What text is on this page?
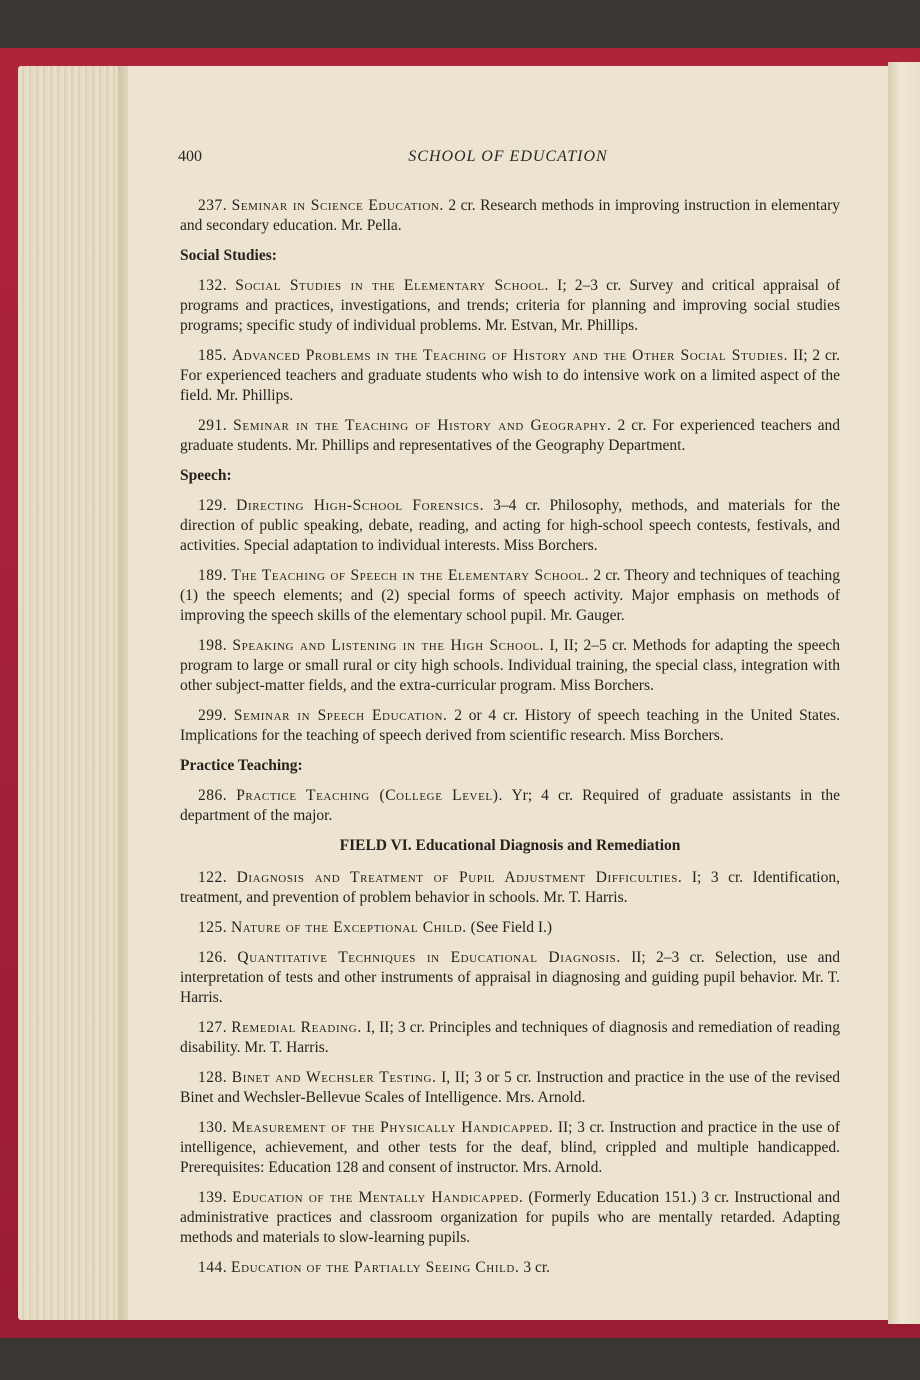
400	SCHOOL OF EDUCATION

237. Seminar in Science Education. 2 cr. Research methods in improving instruction in elementary and secondary education. Mr. Pella.

Social Studies:

132. Social Studies in the Elementary School. I; 2–3 cr. Survey and critical appraisal of programs and practices, investigations, and trends; criteria for planning and improving social studies programs; specific study of individual problems. Mr. Estvan, Mr. Phillips.

185. Advanced Problems in the Teaching of History and the Other Social Studies. II; 2 cr. For experienced teachers and graduate students who wish to do intensive work on a limited aspect of the field. Mr. Phillips.

291. Seminar in the Teaching of History and Geography. 2 cr. For experienced teachers and graduate students. Mr. Phillips and representatives of the Geography Department.

Speech:

129. Directing High-School Forensics. 3–4 cr. Philosophy, methods, and materials for the direction of public speaking, debate, reading, and acting for high-school speech contests, festivals, and activities. Special adaptation to individual interests. Miss Borchers.

189. The Teaching of Speech in the Elementary School. 2 cr. Theory and techniques of teaching (1) the speech elements; and (2) special forms of speech activity. Major emphasis on methods of improving the speech skills of the elementary school pupil. Mr. Gauger.

198. Speaking and Listening in the High School. I, II; 2–5 cr. Methods for adapting the speech program to large or small rural or city high schools. Individual training, the special class, integration with other subject-matter fields, and the extra-curricular program. Miss Borchers.

299. Seminar in Speech Education. 2 or 4 cr. History of speech teaching in the United States. Implications for the teaching of speech derived from scientific research. Miss Borchers.

Practice Teaching:

286. Practice Teaching (College Level). Yr; 4 cr. Required of graduate assistants in the department of the major.

FIELD VI. Educational Diagnosis and Remediation

122. Diagnosis and Treatment of Pupil Adjustment Difficulties. I; 3 cr. Identification, treatment, and prevention of problem behavior in schools. Mr. T. Harris.

125. Nature of the Exceptional Child. (See Field I.)

126. Quantitative Techniques in Educational Diagnosis. II; 2–3 cr. Selection, use and interpretation of tests and other instruments of appraisal in diagnosing and guiding pupil behavior. Mr. T. Harris.

127. Remedial Reading. I, II; 3 cr. Principles and techniques of diagnosis and remediation of reading disability. Mr. T. Harris.

128. Binet and Wechsler Testing. I, II; 3 or 5 cr. Instruction and practice in the use of the revised Binet and Wechsler-Bellevue Scales of Intelligence. Mrs. Arnold.

130. Measurement of the Physically Handicapped. II; 3 cr. Instruction and practice in the use of intelligence, achievement, and other tests for the deaf, blind, crippled and multiple handicapped. Prerequisites: Education 128 and consent of instructor. Mrs. Arnold.

139. Education of the Mentally Handicapped. (Formerly Education 151.) 3 cr. Instructional and administrative practices and classroom organization for pupils who are mentally retarded. Adapting methods and materials to slow-learning pupils.

144. Education of the Partially Seeing Child. 3 cr.
